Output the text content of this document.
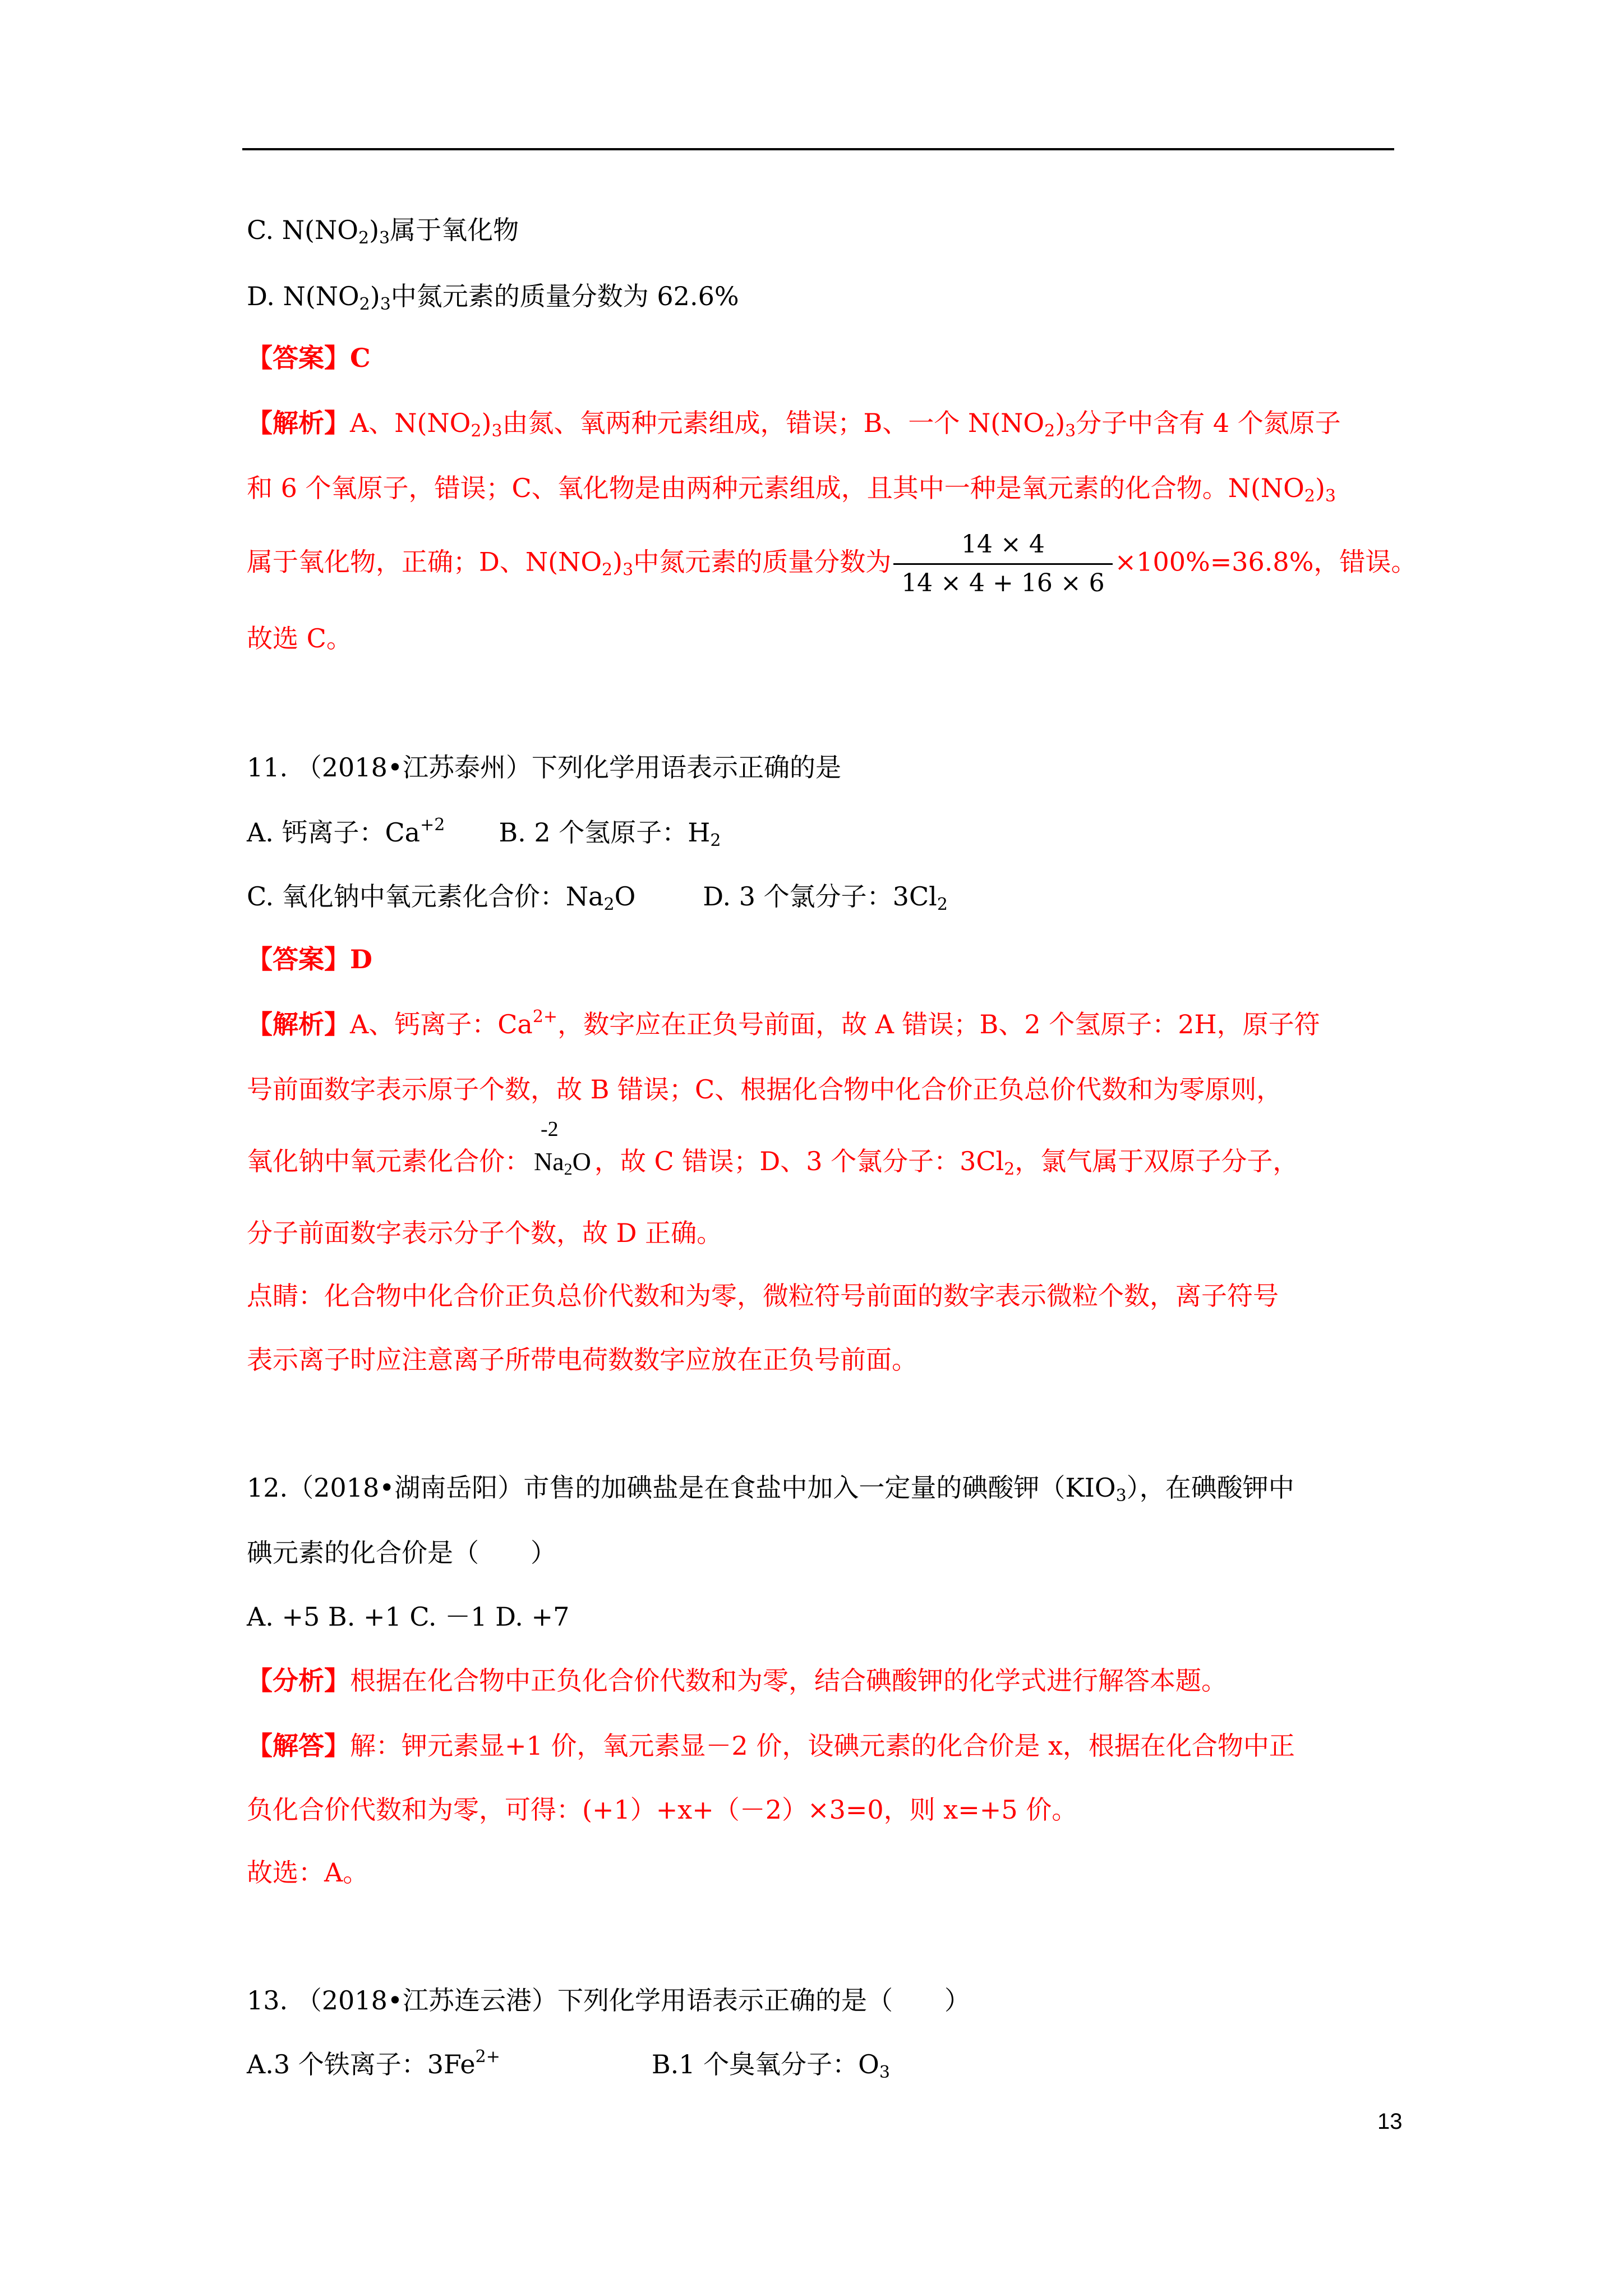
C. $N(NO_2)_3$属于氧化物
D. $N(NO_2)_3$中氮元素的质量分数为 62.6%
【答案】C
【解析】A、$N(NO_2)_3$由氮、氧两种元素组成，错误；B、一个 $N(NO_2)_3$分子中含有 4 个氮原子
和 6 个氧原子，错误；C、氧化物是由两种元素组成，且其中一种是氧元素的化合物。$N(NO_2)_3$
属于氧化物，正确；D、$N(NO_2)_3$中氮元素的质量分数为 $\frac{14 \times 4}{14 \times 4 + 16 \times 6} \times 100\%=36.8\%$，错误。
故选 C。
11. （2018•江苏泰州）下列化学用语表示正确的是
A. 钙离子：$Ca^{+2}$ B. 2 个氢原子：$H_2$
C. 氧化钠中氧元素化合价：$Na_2O$	D. 3 个氯分子：$3Cl_2$
【答案】D
【解析】A、钙离子：$Ca^{2+}$，数字应在正负号前面，故 A 错误；B、2 个氢原子：2H，原子符
号前面数字表示原子个数，故 B 错误；C、根据化合物中化合价正负总价代数和为零原则，
氧化钠中氧元素化合价：
-2
$Na_2O$ ，故 C 错误；D、3 个氯分子：$3Cl_2$，氯气属于双原子分子，
分子前面数字表示分子个数，故 D 正确。
点睛：化合物中化合价正负总价代数和为零，微粒符号前面的数字表示微粒个数，离子符号
表示离子时应注意离子所带电荷数数字应放在正负号前面。
12.（2018•湖南岳阳）市售的加碘盐是在食盐中加入一定量的碘酸钾$(KIO_3)$，在碘酸钾中
碘元素的化合价是（　　）
A. +5 B. +1 C. －1 D. +7
【分析】根据在化合物中正负化合价代数和为零，结合碘酸钾的化学式进行解答本题。
【解答】解：钾元素显+1 价，氧元素显－2 价，设碘元素的化合价是 x，根据在化合物中正
负化合价代数和为零，可得：(+1）+x+（－2）×3=0，则 x=+5 价。
故选：A。
13. （2018•江苏连云港）下列化学用语表示正确的是（　　）
A.3 个铁离子：$3Fe^{2+}$	B.1 个臭氧分子：$O_3$
13
